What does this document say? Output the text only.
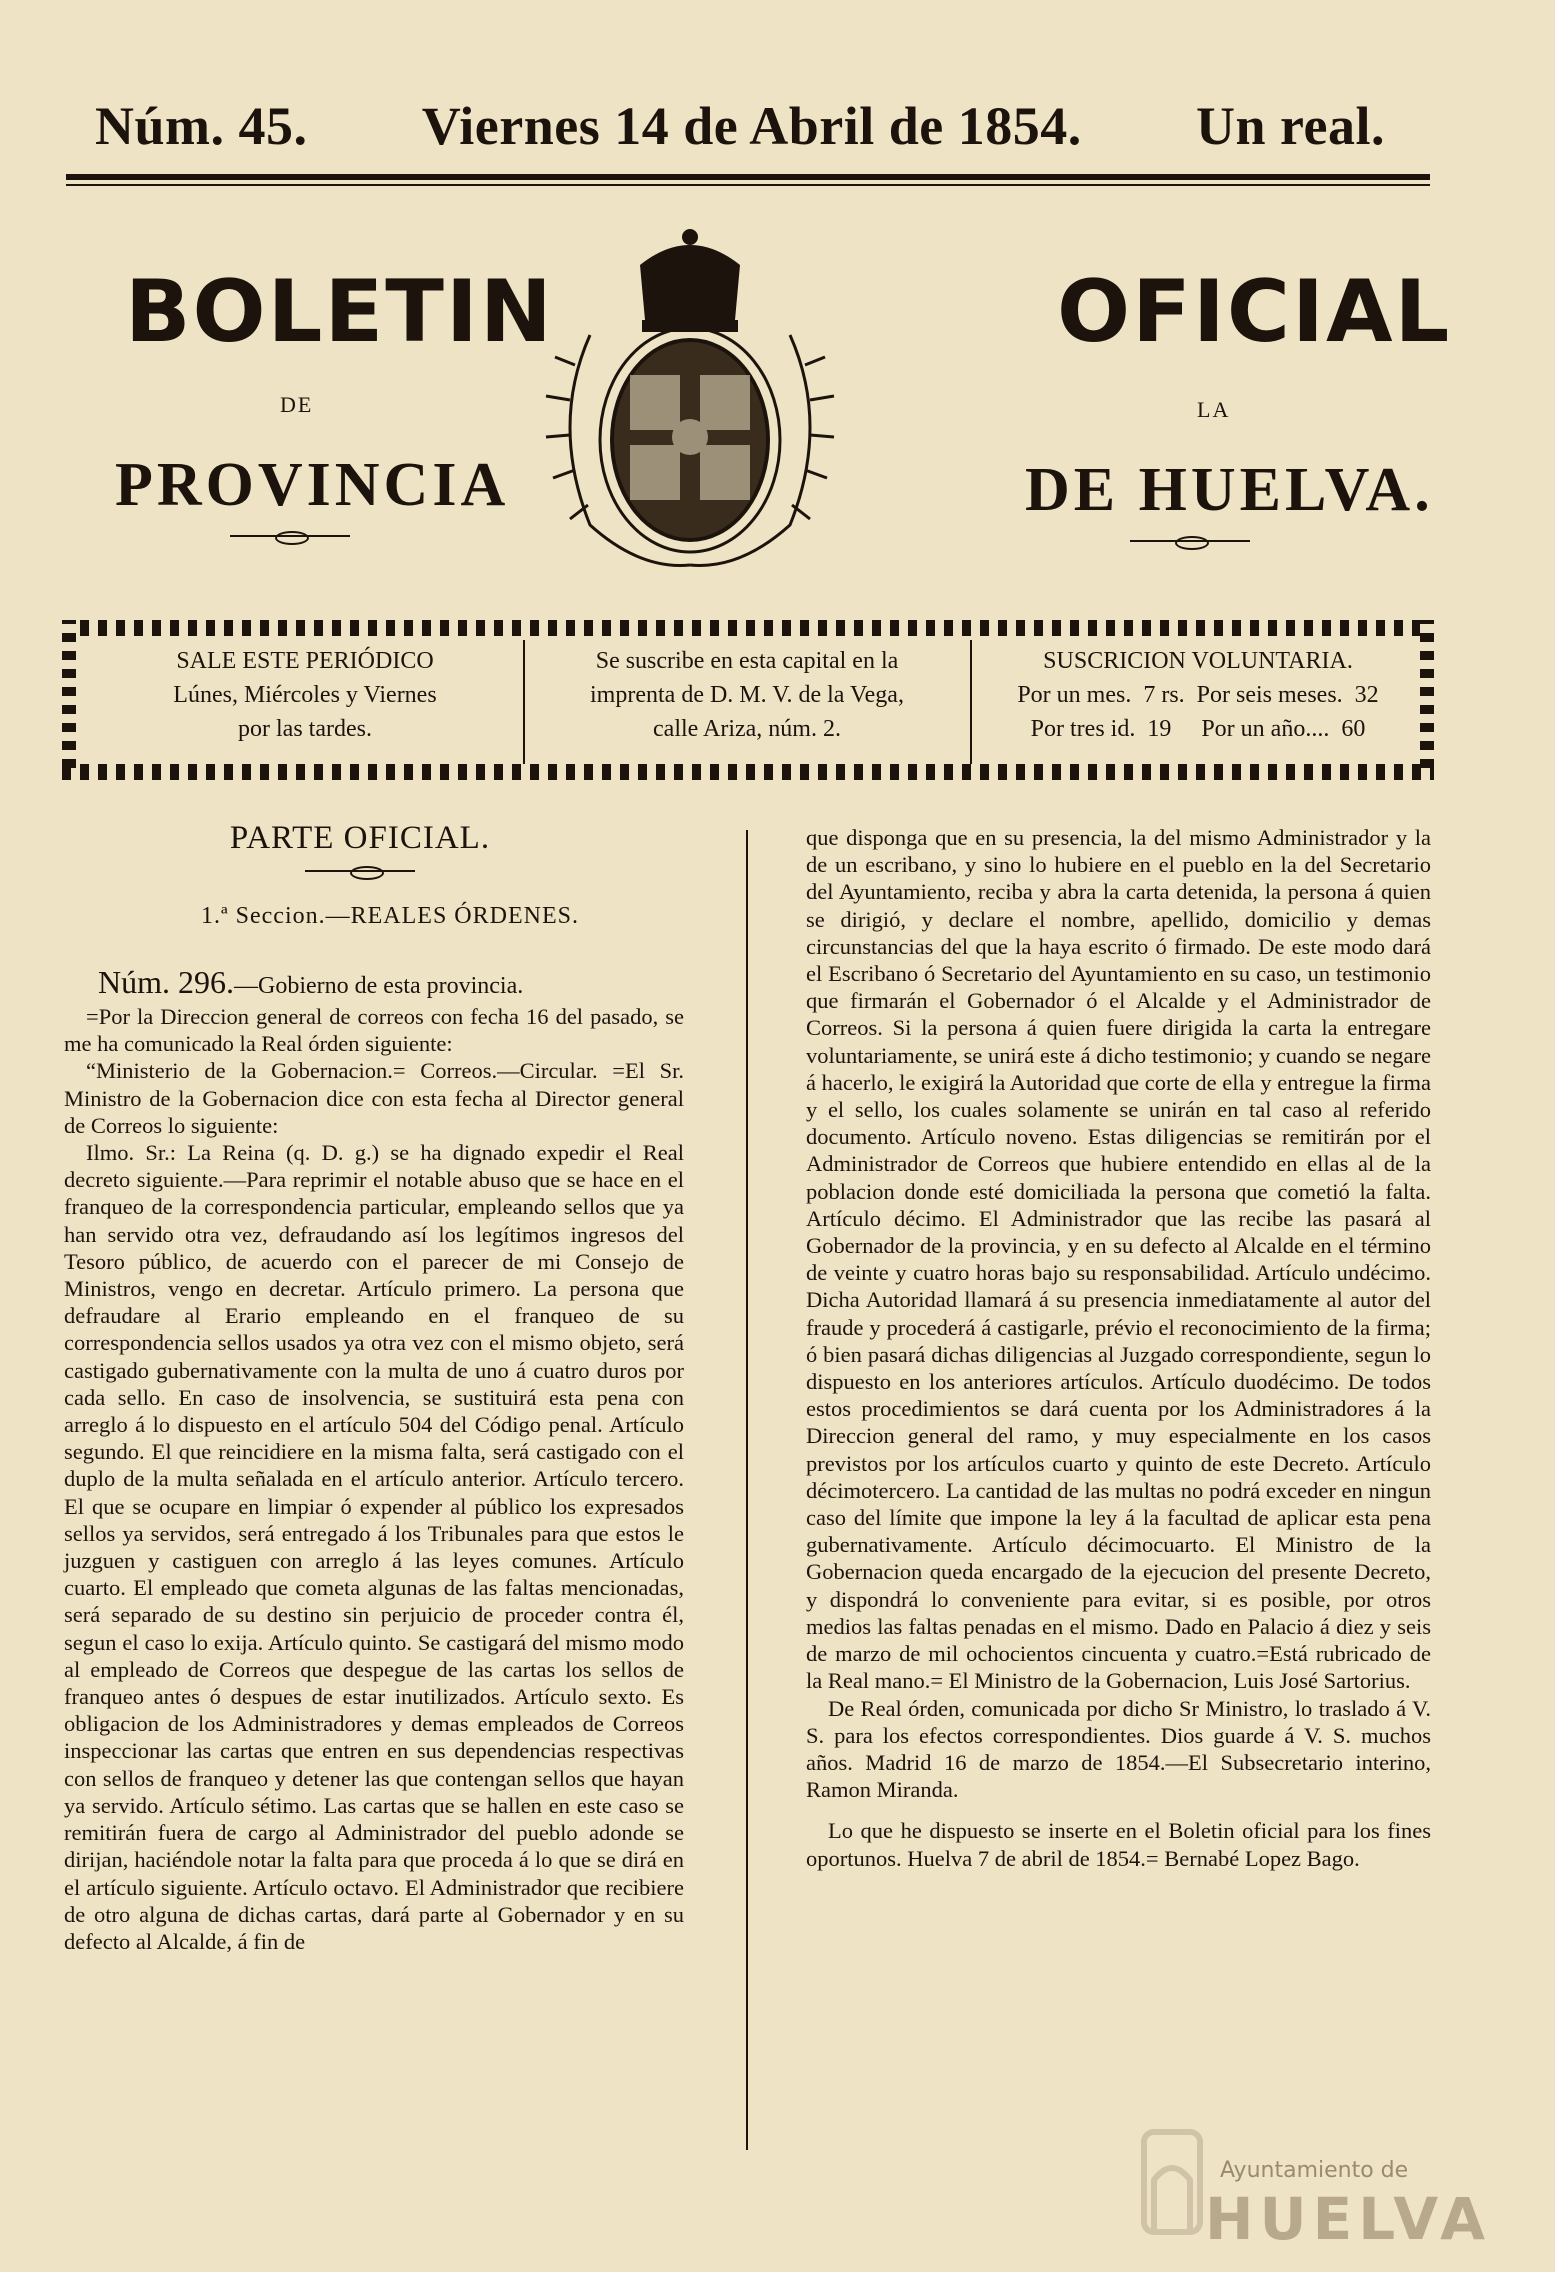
Núm. 45. Viernes 14 de Abril de 1854. Un real.
BOLETIN
DE
PROVINCIA
OFICIAL
LA
DE HUELVA.
SALE ESTE PERIÓDICO
Lúnes, Miércoles y Viernes
por las tardes.
Se suscribe en esta capital en la
imprenta de D. M. V. de la Vega,
calle Ariza, núm. 2.
SUSCRICION VOLUNTARIA.
Por un mes.  7 rs.  Por seis meses.  32
Por tres id.  19     Por un año....  60
PARTE OFICIAL.
1.ª Seccion.—REALES ÓRDENES.
Núm. 296.—Gobierno de esta provincia.

=Por la Direccion general de correos con fecha 16 del pasado, se me ha comunicado la Real órden siguiente:

“Ministerio de la Gobernacion.= Correos.—Circular. =El Sr. Ministro de la Gobernacion dice con esta fecha al Director general de Correos lo siguiente:

Ilmo. Sr.: La Reina (q. D. g.) se ha dignado expedir el Real decreto siguiente.—Para reprimir el notable abuso que se hace en el franqueo de la correspondencia particular, empleando sellos que ya han servido otra vez, defraudando así los legítimos ingresos del Tesoro público, de acuerdo con el parecer de mi Consejo de Ministros, vengo en decretar. Artículo primero. La persona que defraudare al Erario empleando en el franqueo de su correspondencia sellos usados ya otra vez con el mismo objeto, será castigado gubernativamente con la multa de uno á cuatro duros por cada sello. En caso de insolvencia, se sustituirá esta pena con arreglo á lo dispuesto en el artículo 504 del Código penal. Artículo segundo. El que reincidiere en la misma falta, será castigado con el duplo de la multa señalada en el artículo anterior. Artículo tercero. El que se ocupare en limpiar ó expender al público los expresados sellos ya servidos, será entregado á los Tribunales para que estos le juzguen y castiguen con arreglo á las leyes comunes. Artículo cuarto. El empleado que cometa algunas de las faltas mencionadas, será separado de su destino sin perjuicio de proceder contra él, segun el caso lo exija. Artículo quinto. Se castigará del mismo modo al empleado de Correos que despegue de las cartas los sellos de franqueo antes ó despues de estar inutilizados. Artículo sexto. Es obligacion de los Administradores y demas empleados de Correos inspeccionar las cartas que entren en sus dependencias respectivas con sellos de franqueo y detener las que contengan sellos que hayan ya servido. Artículo sétimo. Las cartas que se hallen en este caso se remitirán fuera de cargo al Administrador del pueblo adonde se dirijan, haciéndole notar la falta para que proceda á lo que se dirá en el artículo siguiente. Artículo octavo. El Administrador que recibiere de otro alguna de dichas cartas, dará parte al Gobernador y en su defecto al Alcalde, á fin de

que disponga que en su presencia, la del mismo Administrador y la de un escribano, y sino lo hubiere en el pueblo en la del Secretario del Ayuntamiento, reciba y abra la carta detenida, la persona á quien se dirigió, y declare el nombre, apellido, domicilio y demas circunstancias del que la haya escrito ó firmado. De este modo dará el Escribano ó Secretario del Ayuntamiento en su caso, un testimonio que firmarán el Gobernador ó el Alcalde y el Administrador de Correos. Si la persona á quien fuere dirigida la carta la entregare voluntariamente, se unirá este á dicho testimonio; y cuando se negare á hacerlo, le exigirá la Autoridad que corte de ella y entregue la firma y el sello, los cuales solamente se unirán en tal caso al referido documento. Artículo noveno. Estas diligencias se remitirán por el Administrador de Correos que hubiere entendido en ellas al de la poblacion donde esté domiciliada la persona que cometió la falta. Artículo décimo. El Administrador que las recibe las pasará al Gobernador de la provincia, y en su defecto al Alcalde en el término de veinte y cuatro horas bajo su responsabilidad. Artículo undécimo. Dicha Autoridad llamará á su presencia inmediatamente al autor del fraude y procederá á castigarle, prévio el reconocimiento de la firma; ó bien pasará dichas diligencias al Juzgado correspondiente, segun lo dispuesto en los anteriores artículos. Artículo duodécimo. De todos estos procedimientos se dará cuenta por los Administradores á la Direccion general del ramo, y muy especialmente en los casos previstos por los artículos cuarto y quinto de este Decreto. Artículo décimotercero. La cantidad de las multas no podrá exceder en ningun caso del límite que impone la ley á la facultad de aplicar esta pena gubernativamente. Artículo décimocuarto. El Ministro de la Gobernacion queda encargado de la ejecucion del presente Decreto, y dispondrá lo conveniente para evitar, si es posible, por otros medios las faltas penadas en el mismo. Dado en Palacio á diez y seis de marzo de mil ochocientos cincuenta y cuatro.=Está rubricado de la Real mano.= El Ministro de la Gobernacion, Luis José Sartorius.

De Real órden, comunicada por dicho Sr Ministro, lo traslado á V. S. para los efectos correspondientes. Dios guarde á V. S. muchos años. Madrid 16 de marzo de 1854.—El Subsecretario interino, Ramon Miranda.

Lo que he dispuesto se inserte en el Boletin oficial para los fines oportunos. Huelva 7 de abril de 1854.= Bernabé Lopez Bago.

Ayuntamiento de
HUELVA
